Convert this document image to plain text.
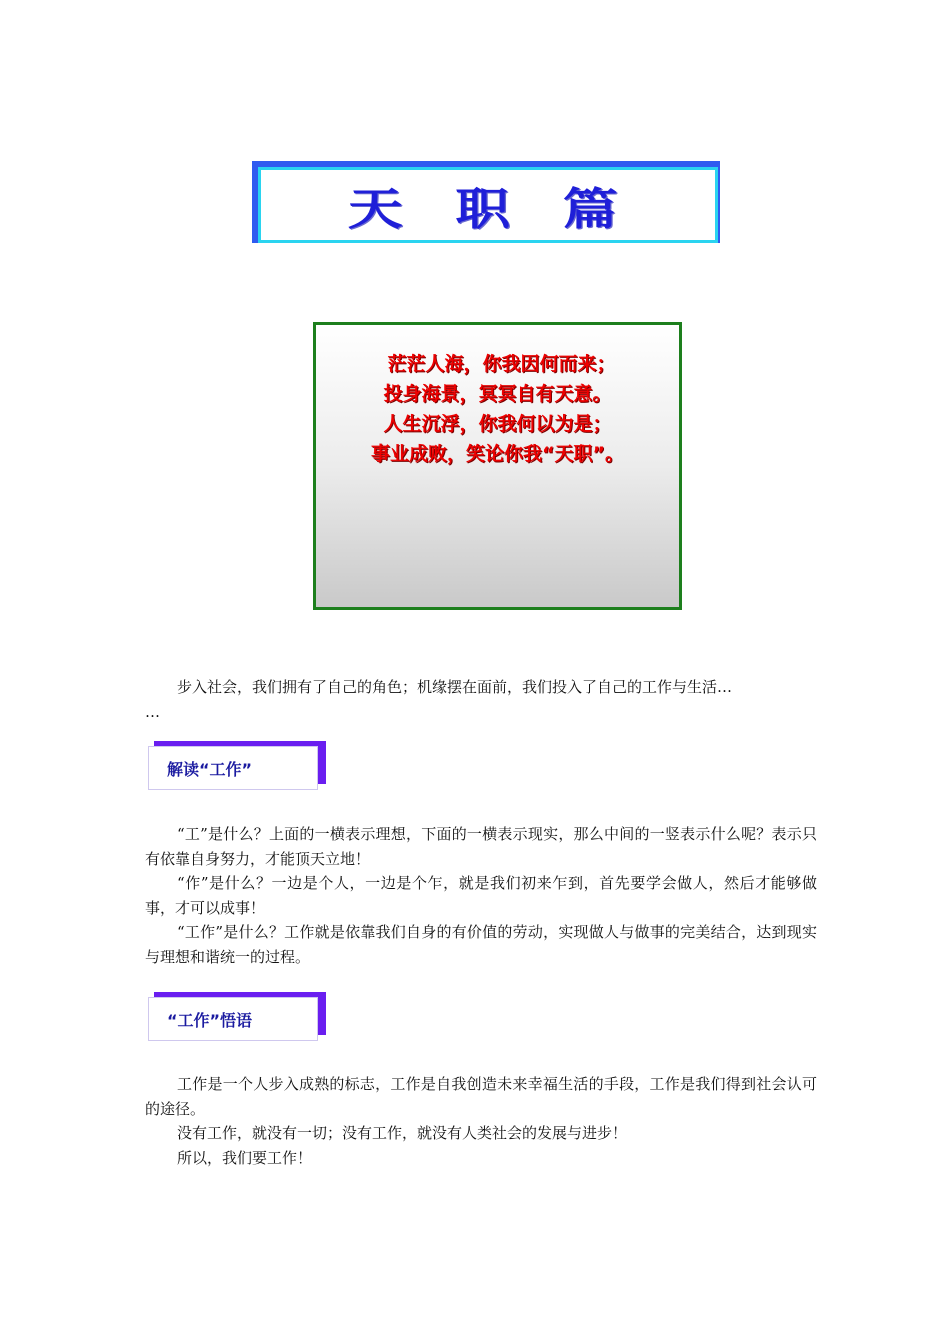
天职篇
茫茫人海，你我因何而来；
投身海景，冥冥自有天意。
人生沉浮，你我何以为是；
事业成败，笑论你我“天职”。

步入社会，我们拥有了自己的角色；机缘摆在面前，我们投入了自己的工作与生活…

…
解读“工作”

“工”是什么？上面的一横表示理想，下面的一横表示现实，那么中间的一竖表示什么呢？表示只有依靠自身努力，才能顶天立地！

“作”是什么？一边是个人，一边是个乍，就是我们初来乍到，首先要学会做人，然后才能够做事，才可以成事！

“工作”是什么？工作就是依靠我们自身的有价值的劳动，实现做人与做事的完美结合，达到现实与理想和谐统一的过程。

“工作”悟语

工作是一个人步入成熟的标志，工作是自我创造未来幸福生活的手段，工作是我们得到社会认可的途径。

没有工作，就没有一切；没有工作，就没有人类社会的发展与进步！

所以，我们要工作！
